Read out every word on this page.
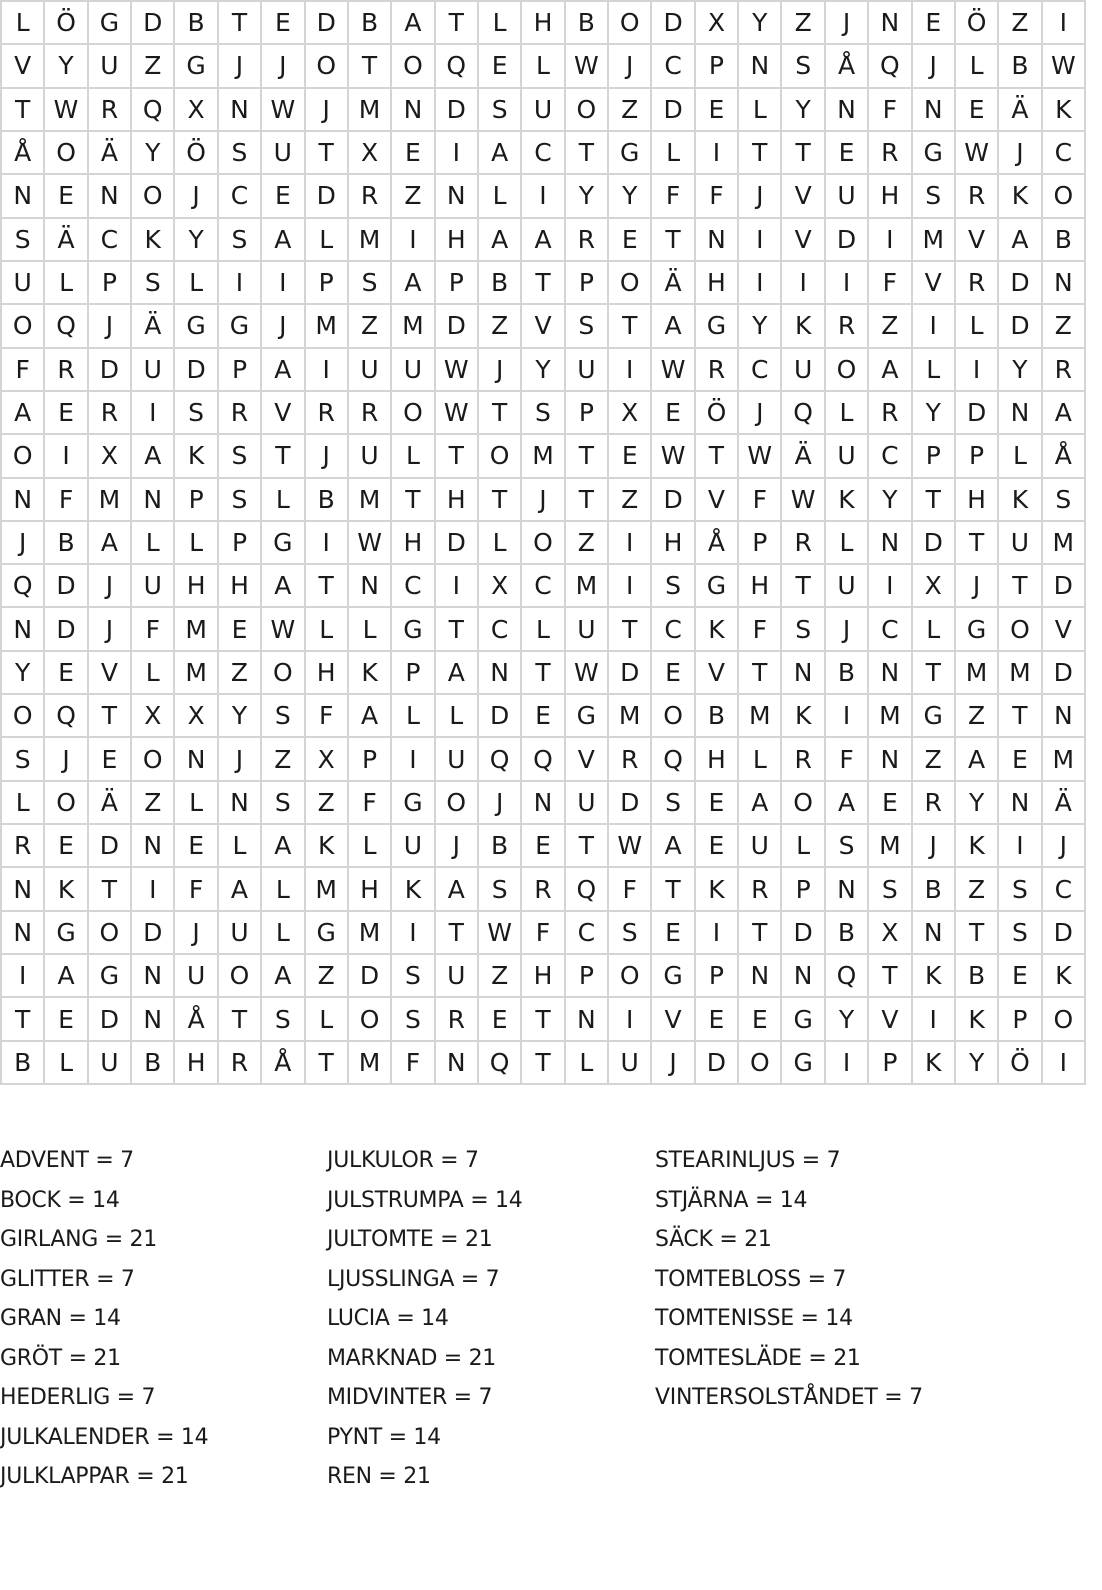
L	Ö G D	B	T	E	D	B	A	T	L	H	B O D	X	Y	Z	J	N	E	Ö Z	I
V	Y	U	Z	G	J	J	O	T	O Q	E	L W	J	C	P	N	S	Å Q	J	L	B W
T W R Q X	N W	J	M N D	S	U O Z	D	E	L	Y	N	F	N	E	Ä	K
Å O Ä	Y	Ö	S	U	T	X	E	I	A	C	T	G	L	I	T	T	E	R G W	J	C
N	E	N O	J	C	E	D	R	Z	N	L	I	Y	Y	F	F	J	V	U H	S	R	K	O
S	Ä	C	K	Y	S	A	L	M	I	H	A	A	R	E	T	N	I	V	D	I	M V	A	B
U	L	P	S	L	I	I	P	S	A	P	B	T	P	O Ä	H	I	I	I	F	V	R	D N
O Q	J	Ä	G G	J	M Z M D	Z	V	S	T	A	G	Y	K	R	Z	I	L	D	Z
F	R	D U D	P	A	I	U	U W	J	Y	U	I	W R	C	U O A	L	I	Y	R
A	E	R	I	S	R	V	R	R O W T	S	P	X	E	Ö	J	Q	L	R	Y	D N	A
O	I	X	A	K	S	T	J	U	L	T	O M T	E W T W Ä	U	C	P	P	L	Å
N	F	M N	P	S	L	B M T	H	T	J	T	Z	D	V	F W K	Y	T	H	K	S
J	B	A	L	L	P	G	I	W H D	L	O Z	I	H	Å	P	R	L	N D	T	U M
Q D	J	U H H	A	T	N	C	I	X	C M	I	S	G H	T	U	I	X	J	T	D
N D	J	F	M E W L	L	G	T	C	L	U	T	C	K	F	S	J	C	L	G O V
Y	E	V	L	M Z O H	K	P	A	N	T W D	E	V	T	N	B	N	T M M D
O Q	T	X	X	Y	S	F	A	L	L	D	E	G M O B M K	I	M G	Z	T	N
S	J	E	O N	J	Z	X	P	I	U Q Q V	R Q H	L	R	F	N	Z	A	E M
L	O Ä	Z	L	N	S	Z	F	G O	J	N U D	S	E	A O A	E	R	Y	N	Ä
R	E	D N	E	L	A	K	L	U	J	B	E	T W A	E	U	L	S M	J	K	I	J
N	K	T	I	F	A	L	M H	K	A	S	R Q	F	T	K	R	P	N	S	B	Z	S	C
N G O D	J	U	L	G M	I	T W F	C	S	E	I	T	D	B	X	N	T	S	D
I	A	G N U O A	Z	D	S	U	Z	H	P	O G	P	N N Q	T	K	B	E	K
T	E	D N	Å	T	S	L	O	S	R	E	T	N	I	V	E	E	G	Y	V	I	K	P	O
B	L	U	B	H	R	Å	T M	F	N Q	T	L	U	J	D O G	I	P	K	Y	Ö	I
ADVENT = 7
BOCK = 14
GIRLANG = 21
GLITTER = 7
GRAN = 14
GRÖT = 21
HEDERLIG = 7
JULKALENDER = 14
JULKLAPPAR = 21
JULKULOR = 7
JULSTRUMPA = 14
JULTOMTE = 21
LJUSSLINGA = 7
LUCIA = 14
MARKNAD = 21
MIDVINTER = 7
PYNT = 14
REN = 21
STEARINLJUS = 7
STJÄRNA = 14
SÄCK = 21
TOMTEBLOSS = 7
TOMTENISSE = 14
TOMTESLÄDE = 21
VINTERSOLSTÅNDET = 7
